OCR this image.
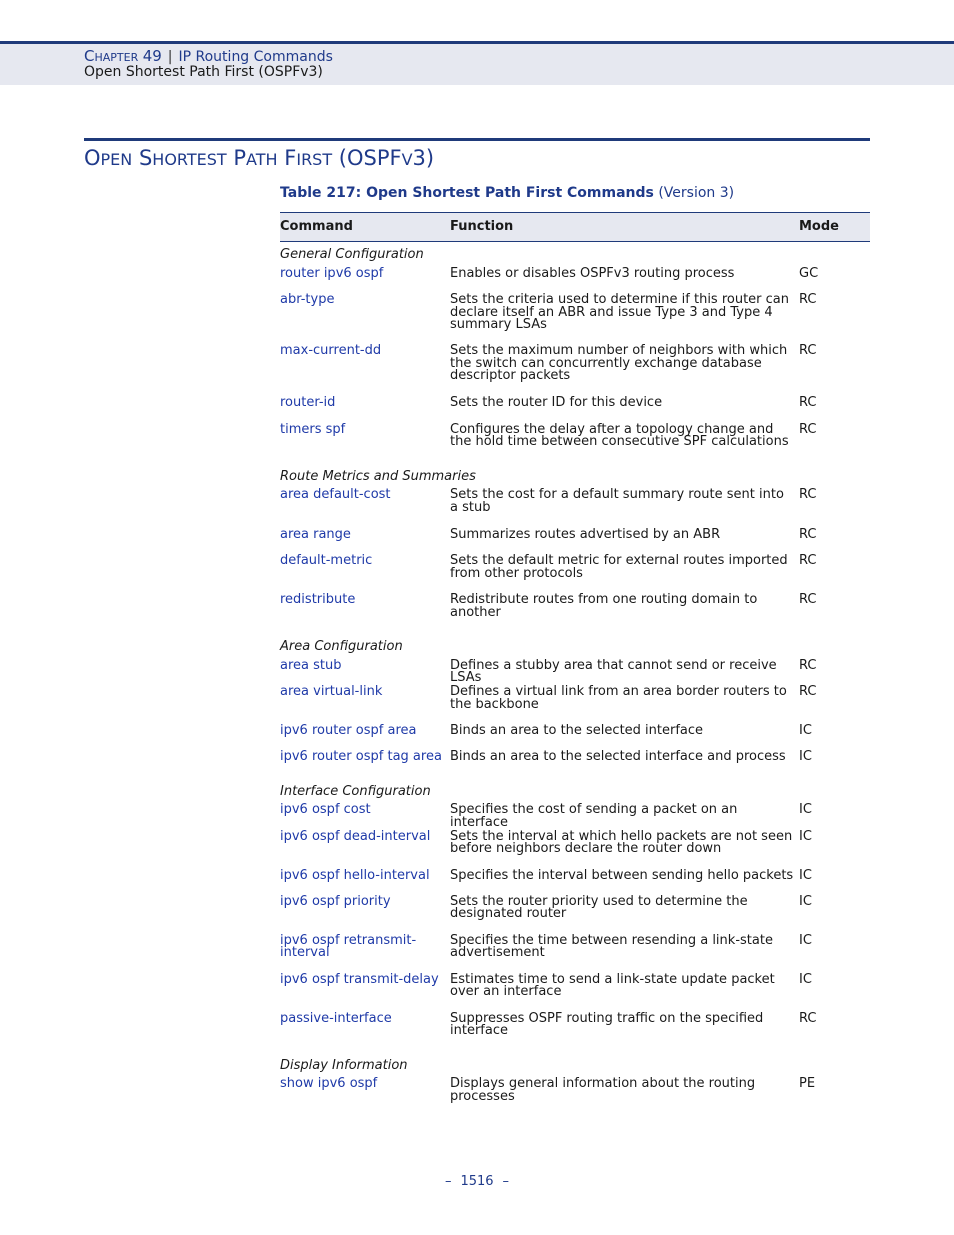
CHAPTER 49 | IP Routing Commands
Open Shortest Path First (OSPFv3)
OPEN SHORTEST PATH FIRST (OSPFV3)
Table 217: Open Shortest Path First Commands (Version 3)
Command	Function	Mode
General Configuration		
router ipv6 ospf	Enables or disables OSPFv3 routing process	GC
abr-type	Sets the criteria used to determine if this router can declare itself an ABR and issue Type 3 and Type 4 summary LSAs	RC
max-current-dd	Sets the maximum number of neighbors with which the switch can concurrently exchange database descriptor packets	RC
router-id	Sets the router ID for this device	RC
timers spf	Configures the delay after a topology change and the hold time between consecutive SPF calculations	RC
Route Metrics and Summaries		
area default-cost	Sets the cost for a default summary route sent into a stub	RC
area range	Summarizes routes advertised by an ABR	RC
default-metric	Sets the default metric for external routes imported from other protocols	RC
redistribute	Redistribute routes from one routing domain to another	RC
Area Configuration		
area stub	Defines a stubby area that cannot send or receive LSAs	RC
area virtual-link	Defines a virtual link from an area border routers to the backbone	RC
ipv6 router ospf area	Binds an area to the selected interface	IC
ipv6 router ospf tag area	Binds an area to the selected interface and process	IC
Interface Configuration		
ipv6 ospf cost	Specifies the cost of sending a packet on an interface	IC
ipv6 ospf dead-interval	Sets the interval at which hello packets are not seen before neighbors declare the router down	IC
ipv6 ospf hello-interval	Specifies the interval between sending hello packets	IC
ipv6 ospf priority	Sets the router priority used to determine the designated router	IC
ipv6 ospf retransmit-interval	Specifies the time between resending a link-state advertisement	IC
ipv6 ospf transmit-delay	Estimates time to send a link-state update packet over an interface	IC
passive-interface	Suppresses OSPF routing traffic on the specified interface	RC
Display Information		
show ipv6 ospf	Displays general information about the routing processes	PE
– 1516 –
